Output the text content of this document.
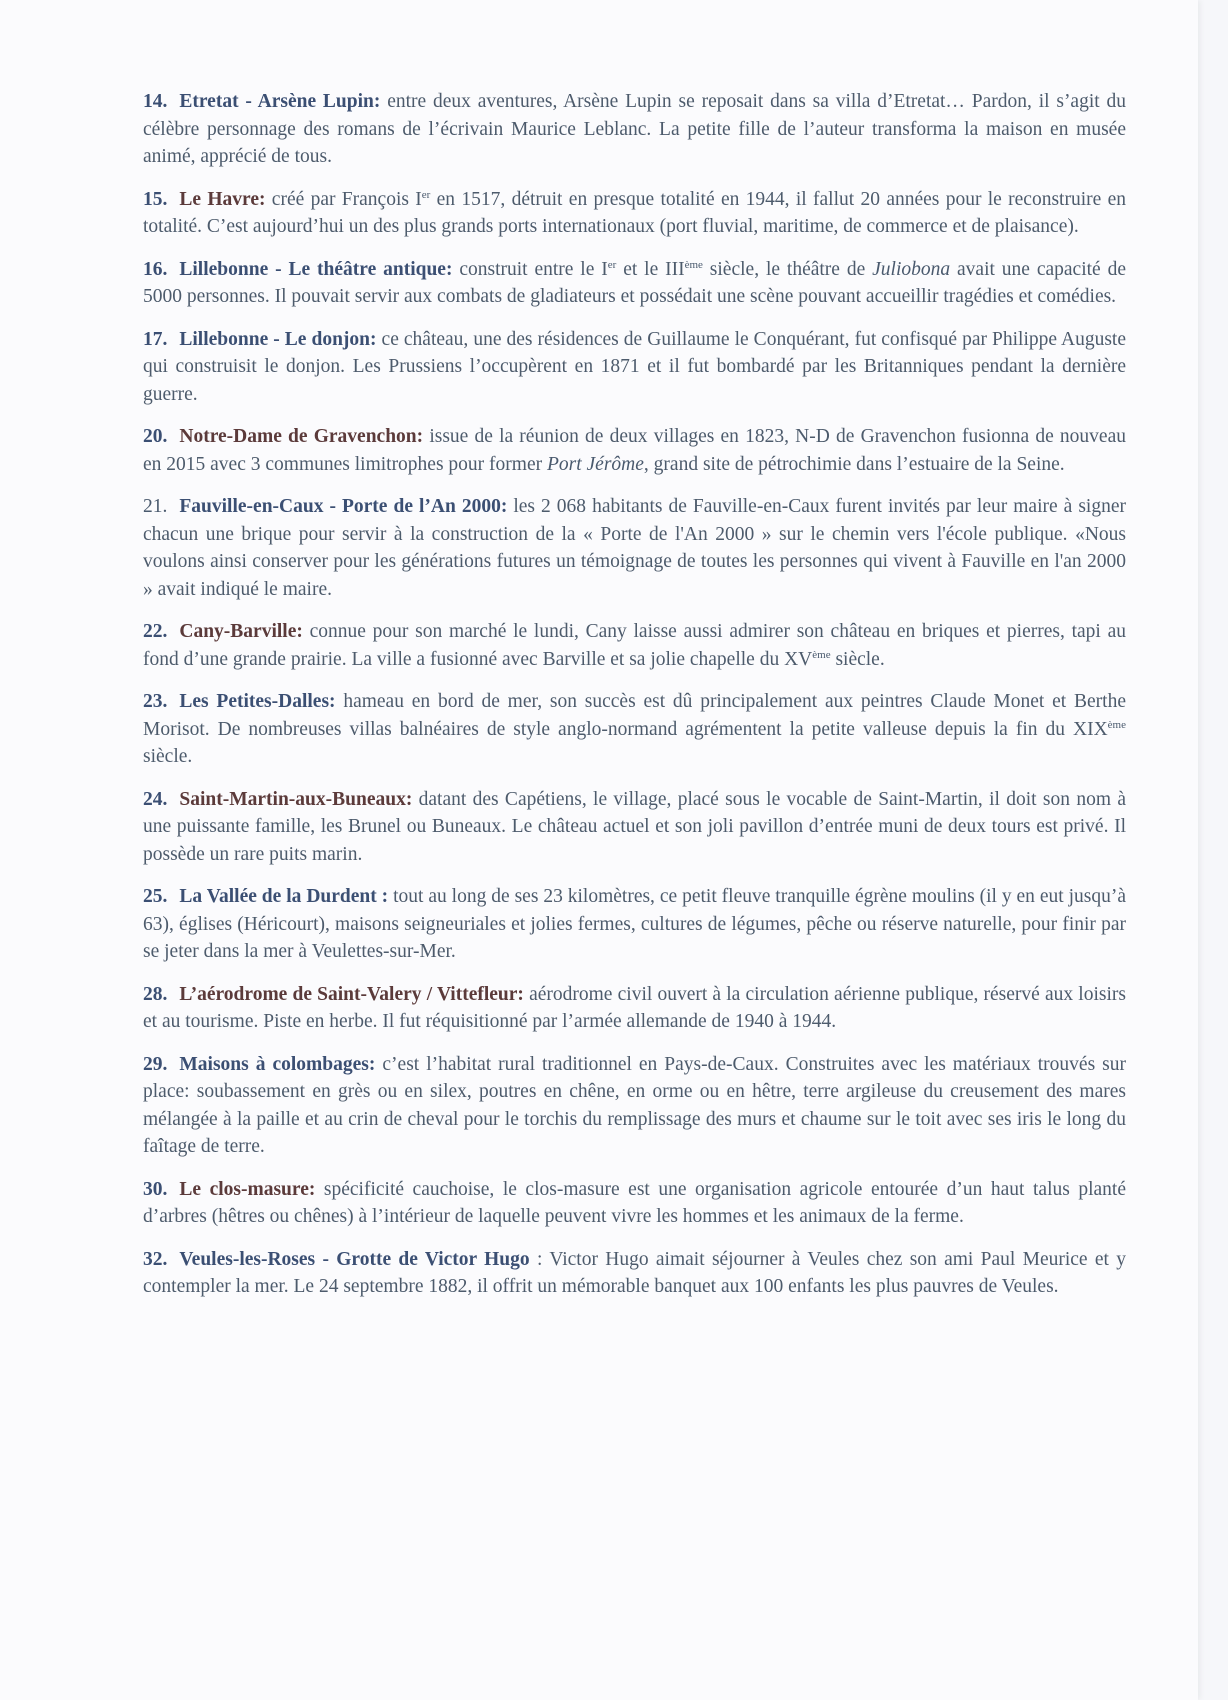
14. Etretat - Arsène Lupin: entre deux aventures, Arsène Lupin se reposait dans sa villa d’Etretat… Pardon, il s’agit du célèbre personnage des romans de l’écrivain Maurice Leblanc. La petite fille de l’auteur transforma la maison en musée animé, apprécié de tous.

15. Le Havre: créé par François Ier en 1517, détruit en presque totalité en 1944, il fallut 20 années pour le reconstruire en totalité. C’est aujourd’hui un des plus grands ports internationaux (port fluvial, maritime, de commerce et de plaisance).

16. Lillebonne - Le théâtre antique: construit entre le Ier et le IIIème siècle, le théâtre de Juliobona avait une capacité de 5000 personnes. Il pouvait servir aux combats de gladiateurs et possédait une scène pouvant accueillir tragédies et comédies.

17. Lillebonne - Le donjon: ce château, une des résidences de Guillaume le Conquérant, fut confisqué par Philippe Auguste qui construisit le donjon. Les Prussiens l’occupèrent en 1871 et il fut bombardé par les Britanniques pendant la dernière guerre.

20. Notre-Dame de Gravenchon: issue de la réunion de deux villages en 1823, N-D de Gravenchon fusionna de nouveau en 2015 avec 3 communes limitrophes pour former Port Jérôme, grand site de pétrochimie dans l’estuaire de la Seine.

21. Fauville-en-Caux - Porte de l’An 2000: les 2 068 habitants de Fauville-en-Caux furent invités par leur maire à signer chacun une brique pour servir à la construction de la « Porte de l'An 2000 » sur le chemin vers l'école publique. «Nous voulons ainsi conserver pour les générations futures un témoignage de toutes les personnes qui vivent à Fauville en l'an 2000 » avait indiqué le maire.

22. Cany-Barville: connue pour son marché le lundi, Cany laisse aussi admirer son château en briques et pierres, tapi au fond d’une grande prairie. La ville a fusionné avec Barville et sa jolie chapelle du XVème siècle.

23. Les Petites-Dalles: hameau en bord de mer, son succès est dû principalement aux peintres Claude Monet et Berthe Morisot. De nombreuses villas balnéaires de style anglo-normand agrémentent la petite valleuse depuis la fin du XIXème siècle.

24. Saint-Martin-aux-Buneaux: datant des Capétiens, le village, placé sous le vocable de Saint-Martin, il doit son nom à une puissante famille, les Brunel ou Buneaux. Le château actuel et son joli pavillon d’entrée muni de deux tours est privé. Il possède un rare puits marin.

25. La Vallée de la Durdent : tout au long de ses 23 kilomètres, ce petit fleuve tranquille égrène moulins (il y en eut jusqu’à 63), églises (Héricourt), maisons seigneuriales et jolies fermes, cultures de légumes, pêche ou réserve naturelle, pour finir par se jeter dans la mer à Veulettes-sur-Mer.

28. L’aérodrome de Saint-Valery / Vittefleur: aérodrome civil ouvert à la circulation aérienne publique, réservé aux loisirs et au tourisme. Piste en herbe. Il fut réquisitionné par l’armée allemande de 1940 à 1944.

29. Maisons à colombages: c’est l’habitat rural traditionnel en Pays-de-Caux. Construites avec les matériaux trouvés sur place: soubassement en grès ou en silex, poutres en chêne, en orme ou en hêtre, terre argileuse du creusement des mares mélangée à la paille et au crin de cheval pour le torchis du remplissage des murs et chaume sur le toit avec ses iris le long du faîtage de terre.

30. Le clos-masure: spécificité cauchoise, le clos-masure est une organisation agricole entourée d’un haut talus planté d’arbres (hêtres ou chênes) à l’intérieur de laquelle peuvent vivre les hommes et les animaux de la ferme.

32. Veules-les-Roses - Grotte de Victor Hugo : Victor Hugo aimait séjourner à Veules chez son ami Paul Meurice et y contempler la mer. Le 24 septembre 1882, il offrit un mémorable banquet aux 100 enfants les plus pauvres de Veules.
